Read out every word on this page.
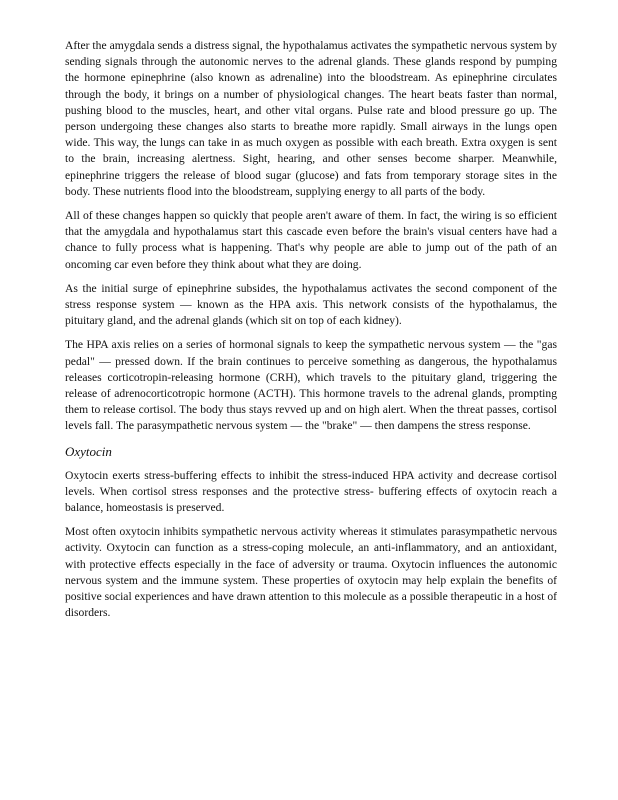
After the amygdala sends a distress signal, the hypothalamus activates the sympathetic nervous system by sending signals through the autonomic nerves to the adrenal glands. These glands respond by pumping the hormone epinephrine (also known as adrenaline) into the bloodstream. As epinephrine circulates through the body, it brings on a number of physiological changes. The heart beats faster than normal, pushing blood to the muscles, heart, and other vital organs. Pulse rate and blood pressure go up. The person undergoing these changes also starts to breathe more rapidly. Small airways in the lungs open wide. This way, the lungs can take in as much oxygen as possible with each breath. Extra oxygen is sent to the brain, increasing alertness. Sight, hearing, and other senses become sharper. Meanwhile, epinephrine triggers the release of blood sugar (glucose) and fats from temporary storage sites in the body. These nutrients flood into the bloodstream, supplying energy to all parts of the body.

All of these changes happen so quickly that people aren't aware of them. In fact, the wiring is so efficient that the amygdala and hypothalamus start this cascade even before the brain's visual centers have had a chance to fully process what is happening. That's why people are able to jump out of the path of an oncoming car even before they think about what they are doing.

As the initial surge of epinephrine subsides, the hypothalamus activates the second component of the stress response system — known as the HPA axis. This network consists of the hypothalamus, the pituitary gland, and the adrenal glands (which sit on top of each kidney).

The HPA axis relies on a series of hormonal signals to keep the sympathetic nervous system — the "gas pedal" — pressed down. If the brain continues to perceive something as dangerous, the hypothalamus releases corticotropin-releasing hormone (CRH), which travels to the pituitary gland, triggering the release of adrenocorticotropic hormone (ACTH). This hormone travels to the adrenal glands, prompting them to release cortisol. The body thus stays revved up and on high alert. When the threat passes, cortisol levels fall. The parasympathetic nervous system — the "brake" — then dampens the stress response.

Oxytocin

Oxytocin exerts stress-buffering effects to inhibit the stress-induced HPA activity and decrease cortisol levels. When cortisol stress responses and the protective stress- buffering effects of oxytocin reach a balance, homeostasis is preserved.

Most often oxytocin inhibits sympathetic nervous activity whereas it stimulates parasympathetic nervous activity. Oxytocin can function as a stress-coping molecule, an anti-inflammatory, and an antioxidant, with protective effects especially in the face of adversity or trauma. Oxytocin influences the autonomic nervous system and the immune system. These properties of oxytocin may help explain the benefits of positive social experiences and have drawn attention to this molecule as a possible therapeutic in a host of disorders.
